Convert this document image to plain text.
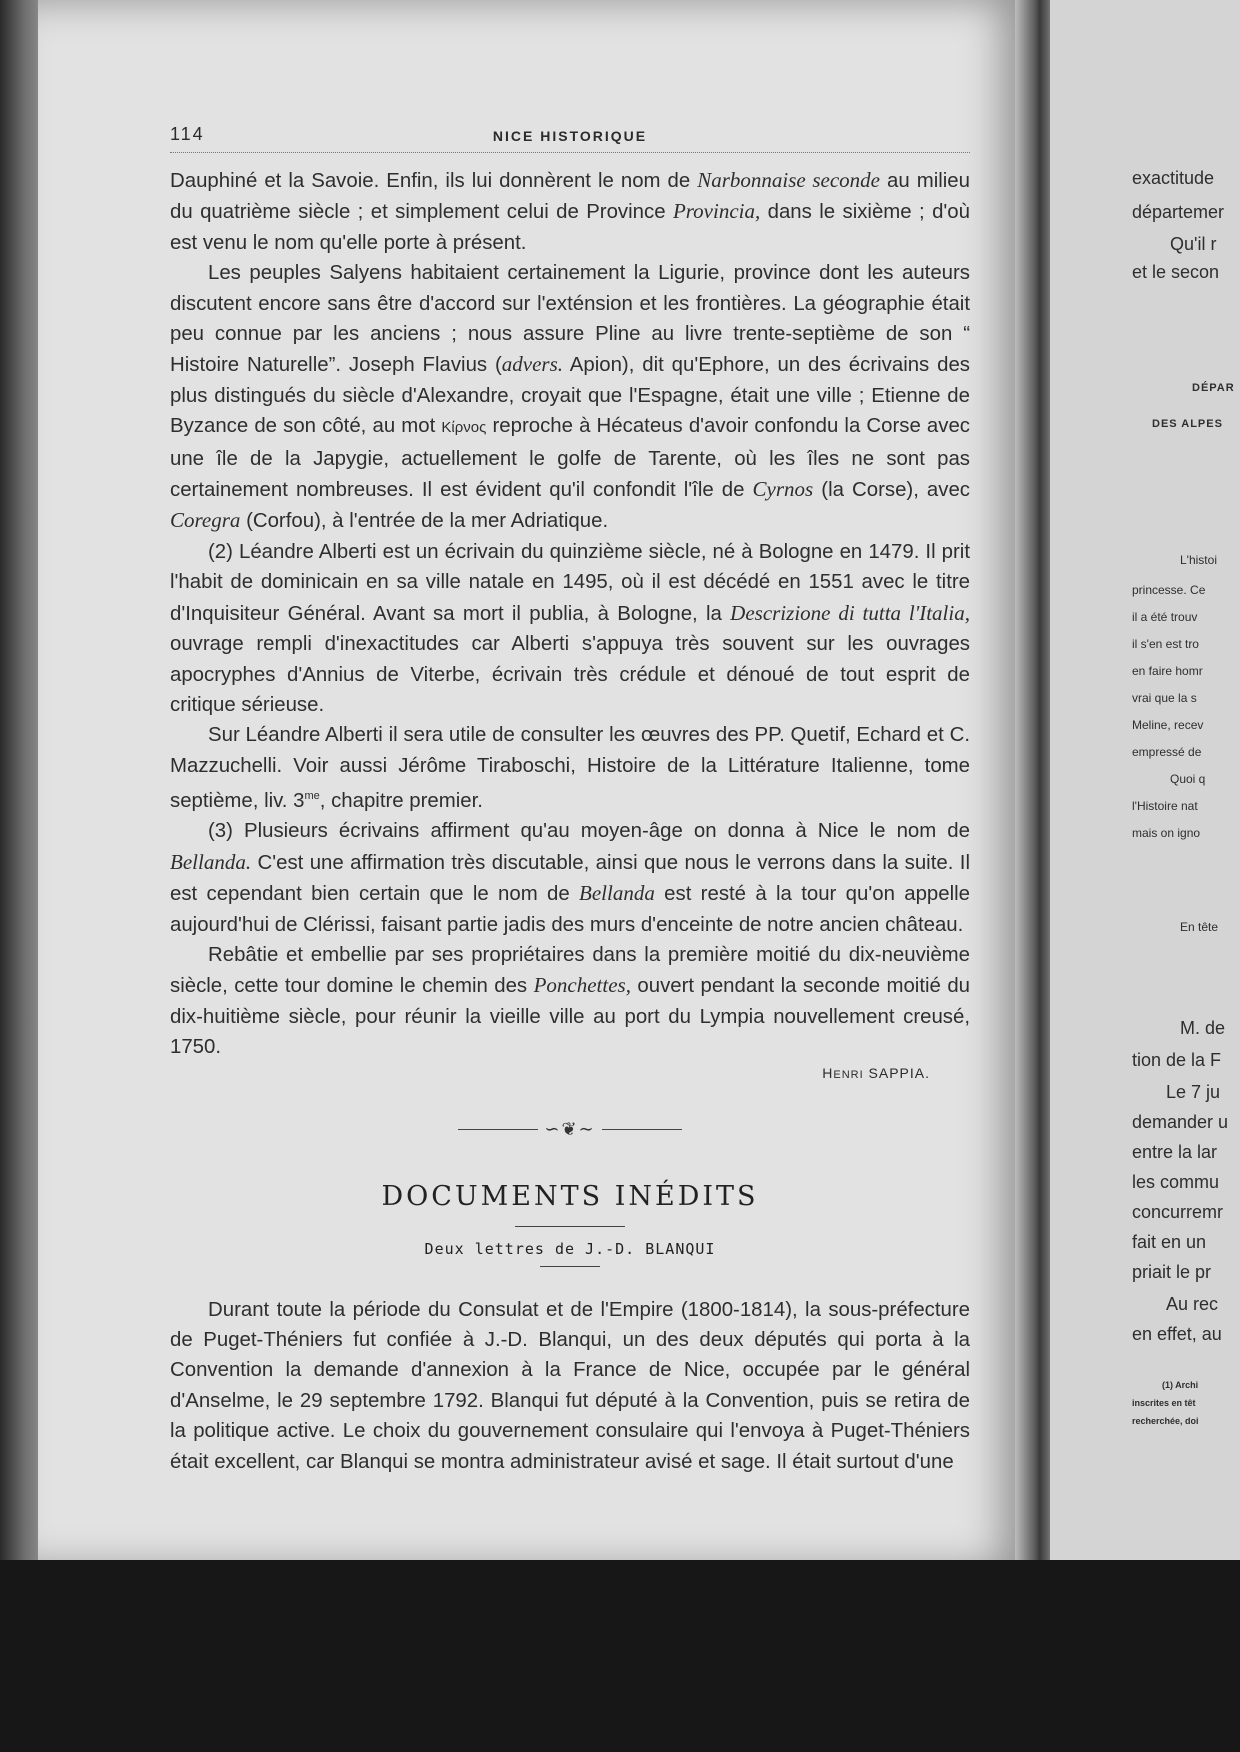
114	NICE HISTORIQUE

Dauphiné et la Savoie. Enfin, ils lui donnèrent le nom de Narbonnaise seconde au milieu du quatrième siècle ; et simplement celui de Province Provincia, dans le sixième ; d'où est venu le nom qu'elle porte à présent.

Les peuples Salyens habitaient certainement la Ligurie, province dont les auteurs discutent encore sans être d'accord sur l'exténsion et les frontières. La géographie était peu connue par les anciens ; nous assure Pline au livre trente-septième de son “ Histoire Naturelle”. Joseph Flavius (advers. Apion), dit qu'Ephore, un des écrivains des plus distingués du siècle d'Alexandre, croyait que l'Espagne, était une ville ; Etienne de Byzance de son côté, au mot Κίρνος reproche à Hécateus d'avoir confondu la Corse avec une île de la Japygie, actuellement le golfe de Tarente, où les îles ne sont pas certainement nombreuses. Il est évident qu'il confondit l'île de Cyrnos (la Corse), avec Coregra (Corfou), à l'entrée de la mer Adriatique.

(2) Léandre Alberti est un écrivain du quinzième siècle, né à Bologne en 1479. Il prit l'habit de dominicain en sa ville natale en 1495, où il est décédé en 1551 avec le titre d'Inquisiteur Général. Avant sa mort il publia, à Bologne, la Descrizione di tutta l'Italia, ouvrage rempli d'inexactitudes car Alberti s'appuya très souvent sur les ouvrages apocryphes d'Annius de Viterbe, écrivain très crédule et dénoué de tout esprit de critique sérieuse.

Sur Léandre Alberti il sera utile de consulter les œuvres des PP. Quetif, Echard et C. Mazzuchelli. Voir aussi Jérôme Tiraboschi, Histoire de la Littérature Italienne, tome septième, liv. $3^{me}$, chapitre premier.

(3) Plusieurs écrivains affirment qu'au moyen-âge on donna à Nice le nom de Bellanda. C'est une affirmation très discutable, ainsi que nous le verrons dans la suite. Il est cependant bien certain que le nom de Bellanda est resté à la tour qu'on appelle aujourd'hui de Clérissi, faisant partie jadis des murs d'enceinte de notre ancien château.

Rebâtie et embellie par ses propriétaires dans la première moitié du dix-neuvième siècle, cette tour domine le chemin des Ponchettes, ouvert pendant la seconde moitié du dix-huitième siècle, pour réunir la vieille ville au port du Lympia nouvellement creusé, 1750.

HENRI SAPPIA.
∽❦∼
DOCUMENTS INÉDITS
Deux lettres de J.-D. BLANQUI

Durant toute la période du Consulat et de l'Empire (1800-1814), la sous-préfecture de Puget-Théniers fut confiée à J.-D. Blanqui, un des deux députés qui porta à la Convention la demande d'annexion à la France de Nice, occupée par le général d'Anselme, le 29 septembre 1792. Blanqui fut député à la Convention, puis se retira de la politique active. Le choix du gouvernement consulaire qui l'envoya à Puget-Théniers était excellent, car Blanqui se montra administrateur avisé et sage. Il était surtout d'une

exactitude
départemer
Qu'il r
et le secon
DÉPAR
DES ALPES
L'histoi
princesse. Ce
il a été trouv
il s'en est tro
en faire homr
vrai que la s
Meline, recev
empressé de
Quoi q
l'Histoire nat
mais on igno
En tête
M. de
tion de la F
Le 7 ju
demander u
entre la lar
les commu
concurremr
fait en un
priait le pr
Au rec
en effet, au
(1) Archi
inscrites en têt
recherchée, doi
